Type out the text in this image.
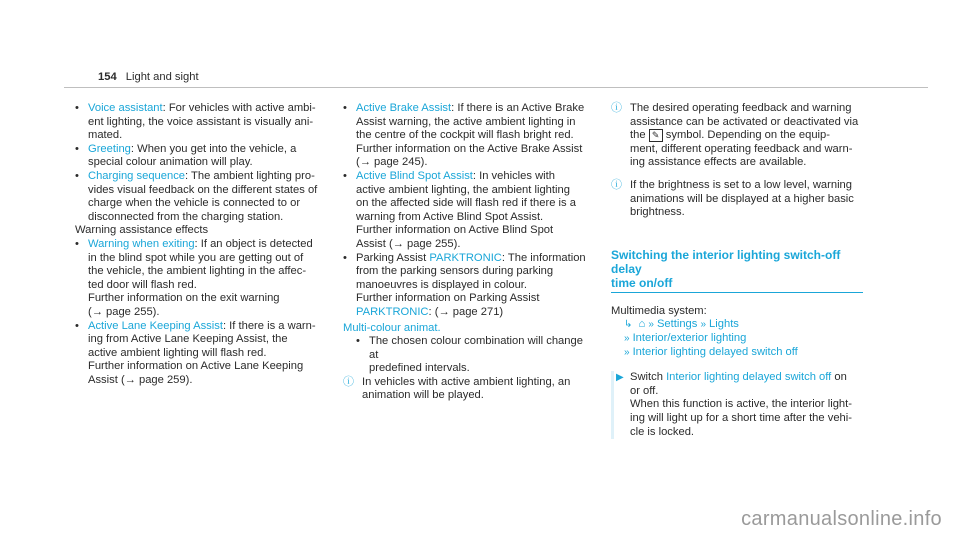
154 Light and sight
• Voice assistant: For vehicles with active ambi-
ent lighting, the voice assistant is visually ani-
mated.
• Greeting: When you get into the vehicle, a
special colour animation will play.
• Charging sequence: The ambient lighting pro-
vides visual feedback on the different states of
charge when the vehicle is connected to or
disconnected from the charging station.
Warning assistance effects
• Warning when exiting: If an object is detected
in the blind spot while you are getting out of
the vehicle, the ambient lighting in the affec-
ted door will flash red.
Further information on the exit warning
(→ page 255).
• Active Lane Keeping Assist: If there is a warn-
ing from Active Lane Keeping Assist, the
active ambient lighting will flash red.
Further information on Active Lane Keeping
Assist (→ page 259).
• Active Brake Assist: If there is an Active Brake
Assist warning, the active ambient lighting in
the centre of the cockpit will flash bright red.
Further information on the Active Brake Assist
(→ page 245).
• Active Blind Spot Assist: In vehicles with
active ambient lighting, the ambient lighting
on the affected side will flash red if there is a
warning from Active Blind Spot Assist.
Further information on Active Blind Spot
Assist (→ page 255).
• Parking Assist PARKTRONIC: The information
from the parking sensors during parking
manoeuvres is displayed in colour.
Further information on Parking Assist
PARKTRONIC: (→ page 271)
Multi-colour animat.
• The chosen colour combination will change at
predefined intervals.
ⓘ In vehicles with active ambient lighting, an
animation will be played.
ⓘ The desired operating feedback and warning
assistance can be activated or deactivated via
the ✎ symbol. Depending on the equip-
ment, different operating feedback and warn-
ing assistance effects are available.
ⓘ If the brightness is set to a low level, warning
animations will be displayed at a higher basic
brightness.
Switching the interior lighting switch-off delay
time on/off
Multimedia system:
↳ ⌂ » Settings » Lights
» Interior/exterior lighting
» Interior lighting delayed switch off
▶ Switch Interior lighting delayed switch off on
or off.
When this function is active, the interior light-
ing will light up for a short time after the vehi-
cle is locked.
carmanualsonline.info
